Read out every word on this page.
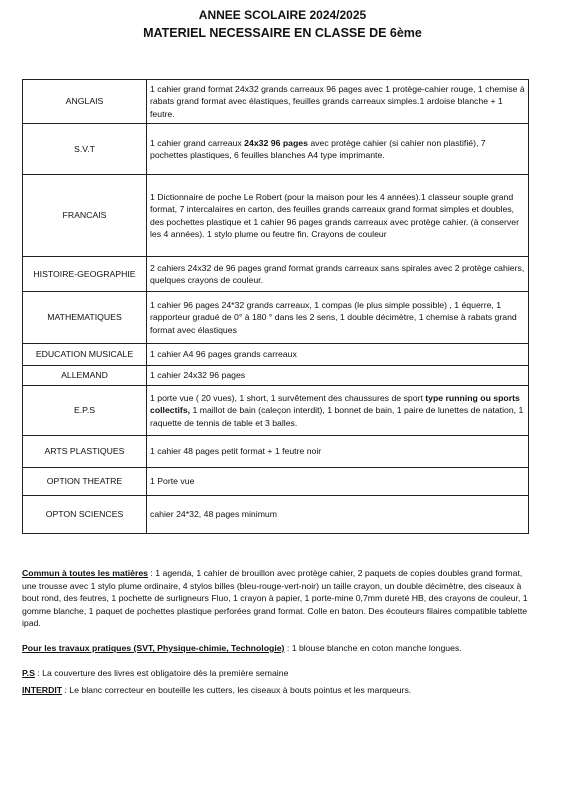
ANNEE SCOLAIRE 2024/2025
MATERIEL NECESSAIRE EN CLASSE DE 6ème
ANGLAIS	1 cahier grand format 24x32 grands carreaux 96 pages avec 1 protège-cahier rouge, 1 chemise à rabats grand format avec élastiques, feuilles grands carreaux simples.1 ardoise blanche + 1 feutre.
S.V.T	1 cahier grand carreaux 24x32 96 pages avec protège cahier (si cahier non plastifié), 7 pochettes plastiques, 6 feuilles blanches A4 type imprimante.
FRANCAIS	1 Dictionnaire de poche Le Robert (pour la maison pour les 4 années).1 classeur souple grand format, 7 intercalaires en carton, des feuilles grands carreaux grand format simples et doubles, des pochettes plastique et 1 cahier 96 pages grands carreaux avec protège cahier. (à conserver les 4 années). 1 stylo plume ou feutre fin. Crayons de couleur
HISTOIRE-GEOGRAPHIE	2 cahiers 24x32 de 96 pages grand format grands carreaux sans spirales avec 2 protège cahiers, quelques crayons de couleur.
MATHEMATIQUES	1 cahier 96 pages 24*32 grands carreaux, 1 compas (le plus simple possible) , 1 équerre, 1 rapporteur gradué de 0° à 180 ° dans les 2 sens, 1 double décimètre, 1 chemise à rabats grand format avec élastiques
EDUCATION MUSICALE	1 cahier A4 96 pages grands carreaux
ALLEMAND	1 cahier 24x32 96 pages
E.P.S	1 porte vue ( 20 vues), 1 short, 1 survêtement des chaussures de sport type running ou sports collectifs, 1 maillot de bain (caleçon interdit), 1 bonnet de bain, 1 paire de lunettes de natation, 1 raquette de tennis de table et 3 balles.
ARTS PLASTIQUES	1 cahier 48 pages petit format + 1 feutre noir
OPTION THEATRE	1 Porte vue
OPTON SCIENCES	cahier 24*32, 48 pages minimum
Commun à toutes les matières : 1 agenda, 1 cahier de brouillon avec protège cahier, 2 paquets de copies doubles grand format, une trousse avec 1 stylo plume ordinaire, 4 stylos billes (bleu-rouge-vert-noir) un taille crayon, un double décimètre, des ciseaux à bout rond, des feutres, 1 pochette de surligneurs Fluo, 1 crayon à papier, 1 porte-mine 0,7mm dureté HB, des crayons de couleur, 1 gomme blanche, 1 paquet de pochettes plastique perforées grand format. Colle en baton. Des écouteurs filaires compatible tablette ipad.
Pour les travaux pratiques (SVT, Physique-chimie, Technologie) : 1 blouse blanche en coton manche longues.
P.S : La couverture des livres est obligatoire dès la première semaine
INTERDIT : Le blanc correcteur en bouteille les cutters, les ciseaux à bouts pointus et les marqueurs.
